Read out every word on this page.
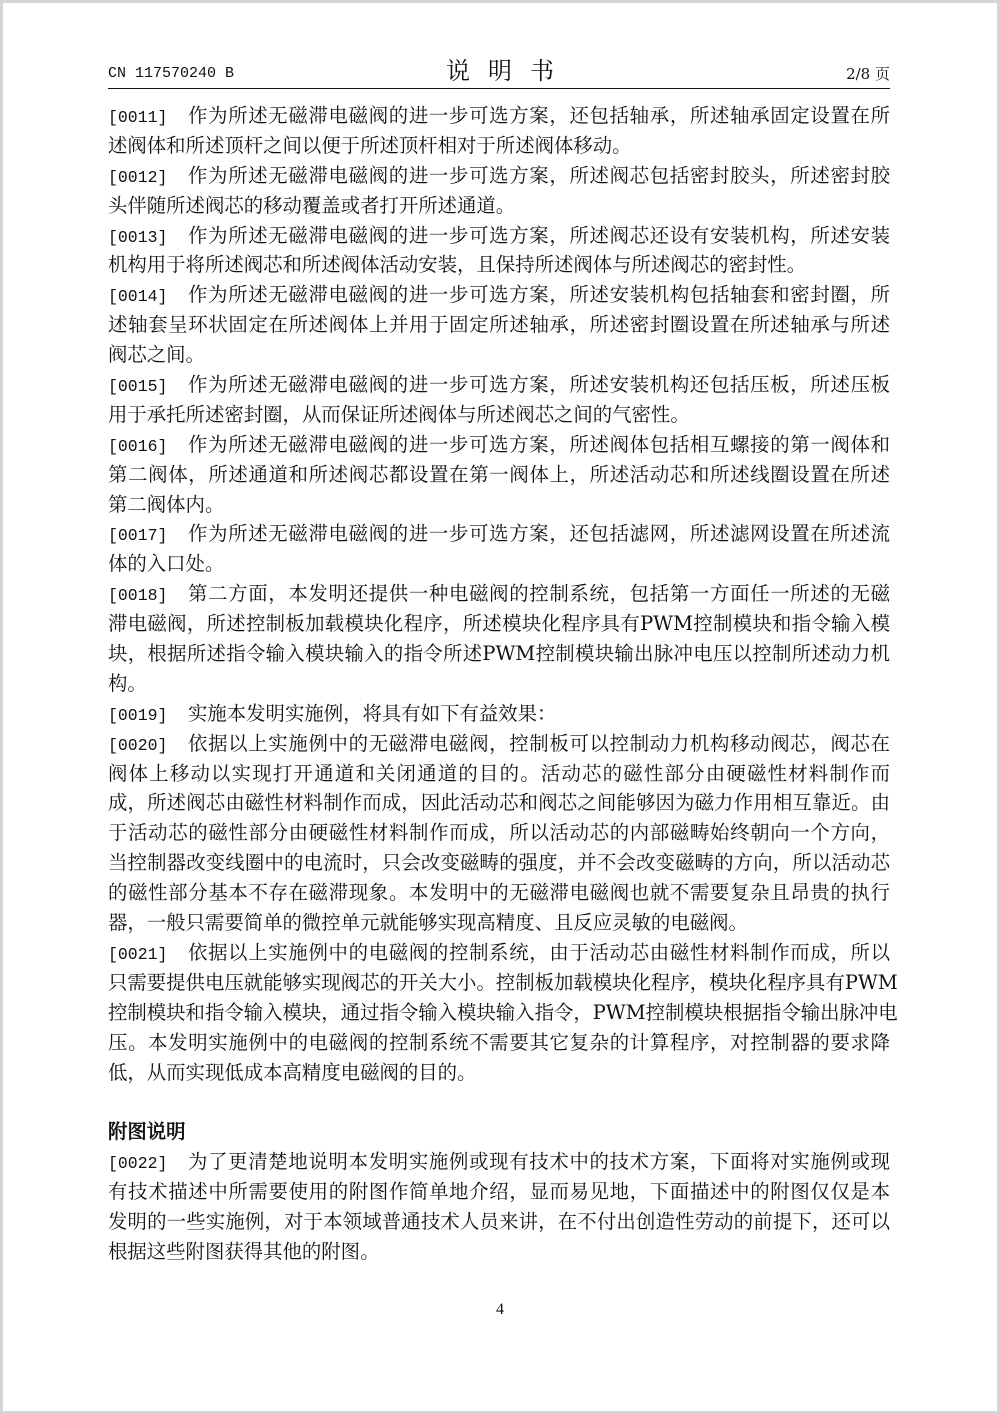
CN 117570240 B	说明书	2/8 页
[0011]	作为所述无磁滞电磁阀的进一步可选方案，还包括轴承，所述轴承固定设置在所
述阀体和所述顶杆之间以便于所述顶杆相对于所述阀体移动。
[0012]	作为所述无磁滞电磁阀的进一步可选方案，所述阀芯包括密封胶头，所述密封胶
头伴随所述阀芯的移动覆盖或者打开所述通道。
[0013]	作为所述无磁滞电磁阀的进一步可选方案，所述阀芯还设有安装机构，所述安装
机构用于将所述阀芯和所述阀体活动安装，且保持所述阀体与所述阀芯的密封性。
[0014]	作为所述无磁滞电磁阀的进一步可选方案，所述安装机构包括轴套和密封圈，所
述轴套呈环状固定在所述阀体上并用于固定所述轴承，所述密封圈设置在所述轴承与所述
阀芯之间。
[0015]	作为所述无磁滞电磁阀的进一步可选方案，所述安装机构还包括压板，所述压板
用于承托所述密封圈，从而保证所述阀体与所述阀芯之间的气密性。
[0016]	作为所述无磁滞电磁阀的进一步可选方案，所述阀体包括相互螺接的第一阀体和
第二阀体，所述通道和所述阀芯都设置在第一阀体上，所述活动芯和所述线圈设置在所述
第二阀体内。
[0017]	作为所述无磁滞电磁阀的进一步可选方案，还包括滤网，所述滤网设置在所述流
体的入口处。
[0018]	第二方面，本发明还提供一种电磁阀的控制系统，包括第一方面任一所述的无磁
滞电磁阀，所述控制板加载模块化程序，所述模块化程序具有PWM控制模块和指令输入模
块，根据所述指令输入模块输入的指令所述PWM控制模块输出脉冲电压以控制所述动力机
构。
[0019]	实施本发明实施例，将具有如下有益效果：
[0020]	依据以上实施例中的无磁滞电磁阀，控制板可以控制动力机构移动阀芯，阀芯在
阀体上移动以实现打开通道和关闭通道的目的。活动芯的磁性部分由硬磁性材料制作而
成，所述阀芯由磁性材料制作而成，因此活动芯和阀芯之间能够因为磁力作用相互靠近。由
于活动芯的磁性部分由硬磁性材料制作而成，所以活动芯的内部磁畴始终朝向一个方向，
当控制器改变线圈中的电流时，只会改变磁畴的强度，并不会改变磁畴的方向，所以活动芯
的磁性部分基本不存在磁滞现象。本发明中的无磁滞电磁阀也就不需要复杂且昂贵的执行
器，一般只需要简单的微控单元就能够实现高精度、且反应灵敏的电磁阀。
[0021]	依据以上实施例中的电磁阀的控制系统，由于活动芯由磁性材料制作而成，所以
只需要提供电压就能够实现阀芯的开关大小。控制板加载模块化程序，模块化程序具有PWM
控制模块和指令输入模块，通过指令输入模块输入指令，PWM控制模块根据指令输出脉冲电
压。本发明实施例中的电磁阀的控制系统不需要其它复杂的计算程序，对控制器的要求降
低，从而实现低成本高精度电磁阀的目的。
附图说明
[0022]	为了更清楚地说明本发明实施例或现有技术中的技术方案，下面将对实施例或现
有技术描述中所需要使用的附图作简单地介绍，显而易见地，下面描述中的附图仅仅是本
发明的一些实施例，对于本领域普通技术人员来讲，在不付出创造性劳动的前提下，还可以
根据这些附图获得其他的附图。
4
